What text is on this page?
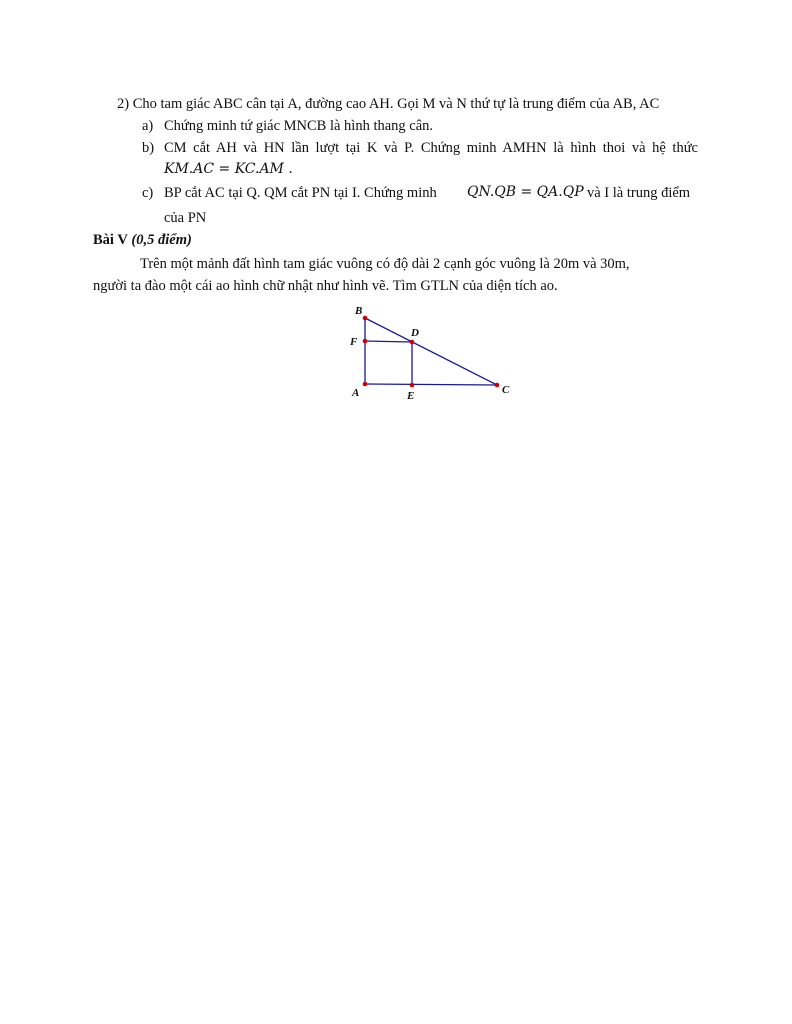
2) Cho tam giác ABC cân tại A, đường cao AH. Gọi M và N thứ tự là trung điểm của AB, AC
a) Chứng minh tứ giác MNCB là hình thang cân.
b) CM cắt AH và HN lần lượt tại K và P. Chứng minh AMHN là hình thoi và hệ thức
KM.AC = KC.AM .
c) BP cắt AC tại Q. QM cắt PN tại I. Chứng minh QN.QB = QA.QP và I là trung điểm
của PN
Bài V (0,5 điểm)
Trên một mảnh đất hình tam giác vuông có độ dài 2 cạnh góc vuông là 20m và 30m,
người ta đào một cái ao hình chữ nhật như hình vẽ. Tìm GTLN của diện tích ao.
B
D
F
A	E	C
